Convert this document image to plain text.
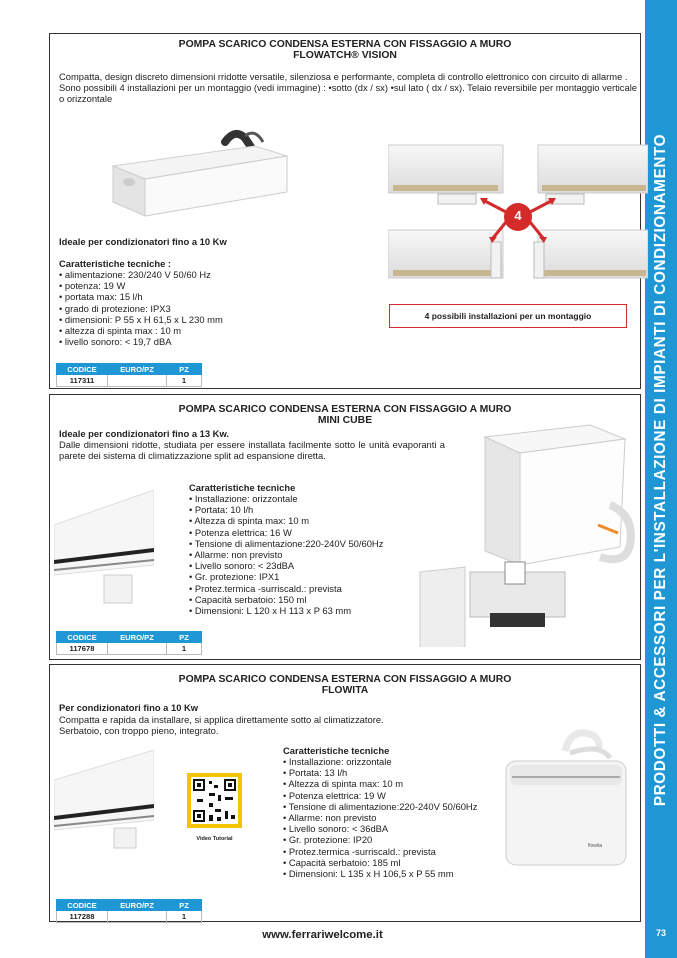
PRODOTTI & ACCESSORI PER L'INSTALLAZIONE DI IMPIANTI DI CONDIZIONAMENTO
73
POMPA SCARICO CONDENSA ESTERNA CON FISSAGGIO A MURO
FLOWATCH® VISION
Compatta, design discreto dimensioni rridotte versatile, silenziosa e performante, completa di controllo elettronico con circuito di allarme .
Sono possibili 4 installazioni per un montaggio (vedi immagine) : •sotto (dx / sx) •sul lato ( dx / sx). Telaio reversibile per montaggio verticale o orizzontale
Ideale per condizionatori fino a 10 Kw
Caratteristiche tecniche :
• alimentazione: 230/240 V 50/60 Hz
• potenza: 19 W
• portata max: 15 l/h
• grado di protezione: IPX3
• dimensioni: P 55 x H 61,5 x L 230 mm
• altezza di spinta max : 10 m
• livello sonoro: < 19,7 dBA
4
CODICE	EURO/PZ	PZ
117311		1
4 possibili installazioni per un montaggio
POMPA SCARICO CONDENSA ESTERNA CON FISSAGGIO A MURO
MINI CUBE
Ideale per condizionatori fino a 13 Kw.
Dalle dimensioni ridotte, studiata per essere installata facilmente sotto le unità evaporanti a parete dei sistema di climatizzazione split ad espansione diretta.
Caratteristiche tecniche
• Installazione: orizzontale
• Portata: 10 l/h
• Altezza di spinta max: 10 m
• Potenza elettrica: 16 W
• Tensione di alimentazione:220-240V 50/60Hz
• Allarme: non previsto
• Livello sonoro: < 23dBA
• Gr. protezione: IPX1
• Protez.termica -surriscald.: prevista
• Capacità serbatoio: 150 ml
• Dimensioni: L 120 x H 113 x P 63 mm
CODICE	EURO/PZ	PZ
117678		1
POMPA SCARICO CONDENSA ESTERNA CON FISSAGGIO A MURO
FLOWITA
Per condizionatori fino a 10 Kw
Compatta e rapida da installare, si applica direttamente sotto al climatizzatore.
Serbatoio, con troppo pieno, integrato.
Video Tutorial
Caratteristiche tecniche
• Installazione: orizzontale
• Portata: 13 l/h
• Altezza di spinta max: 10 m
• Potenza elettrica: 19 W
• Tensione di alimentazione:220-240V 50/60Hz
• Allarme: non previsto
• Livello sonoro: < 36dBA
• Gr. protezione: IP20
• Protez.termica -surriscald.: prevista
• Capacità serbatoio: 185 ml
• Dimensioni: L 135 x H 106,5 x P 55 mm
flowita
CODICE	EURO/PZ	PZ
117288		1
www.ferrariwelcome.it
